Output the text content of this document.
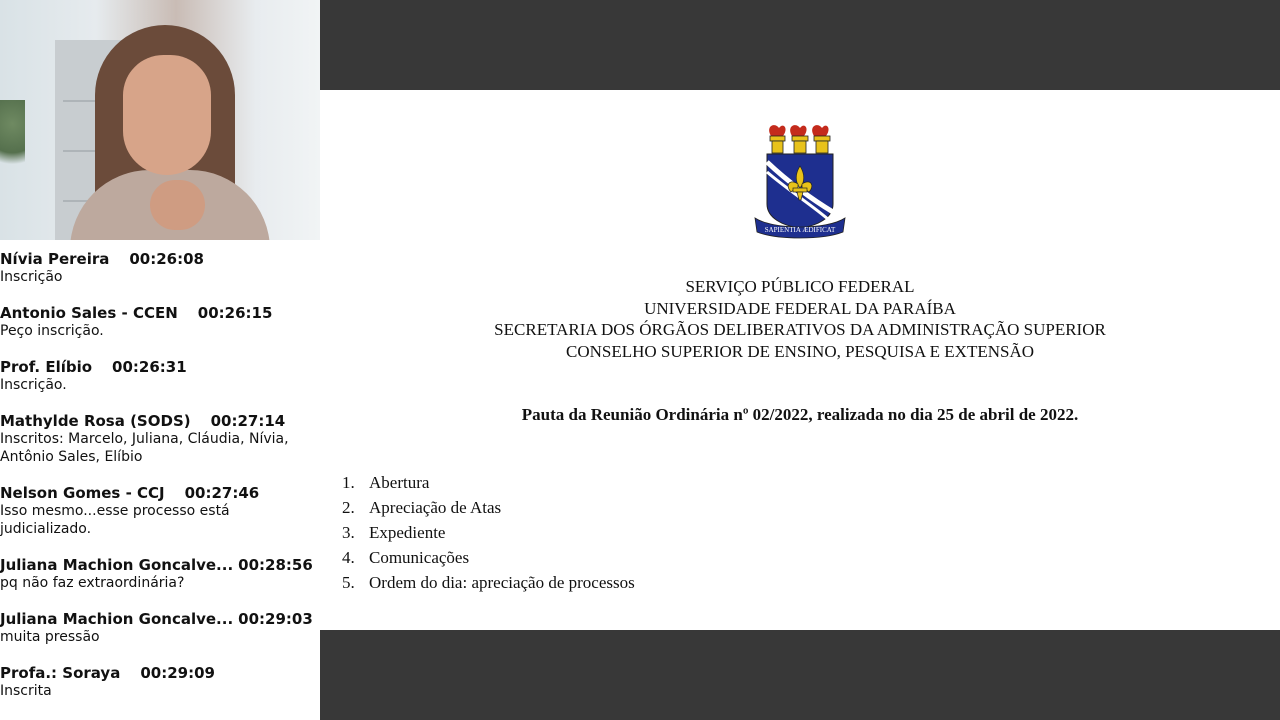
Nívia Pereira 00:26:08
Inscrição
Antonio Sales - CCEN 00:26:15
Peço inscrição.
Prof. Elíbio 00:26:31
Inscrição.
Mathylde Rosa (SODS) 00:27:14
Inscritos: Marcelo, Juliana, Cláudia, Nívia, Antônio Sales, Elíbio
Nelson Gomes - CCJ 00:27:46
Isso mesmo...esse processo está judicializado.
Juliana Machion Goncalve... 00:28:56
pq não faz extraordinária?
Juliana Machion Goncalve... 00:29:03
muita pressão
Profa.: Soraya 00:29:09
Inscrita
SAPIENTIA ÆDIFICAT
SERVIÇO PÚBLICO FEDERAL
UNIVERSIDADE FEDERAL DA PARAÍBA
SECRETARIA DOS ÓRGÃOS DELIBERATIVOS DA ADMINISTRAÇÃO SUPERIOR
CONSELHO SUPERIOR DE ENSINO, PESQUISA E EXTENSÃO
Pauta da Reunião Ordinária nº 02/2022, realizada no dia 25 de abril de 2022.
1. Abertura
2. Apreciação de Atas
3. Expediente
4. Comunicações
5. Ordem do dia: apreciação de processos
